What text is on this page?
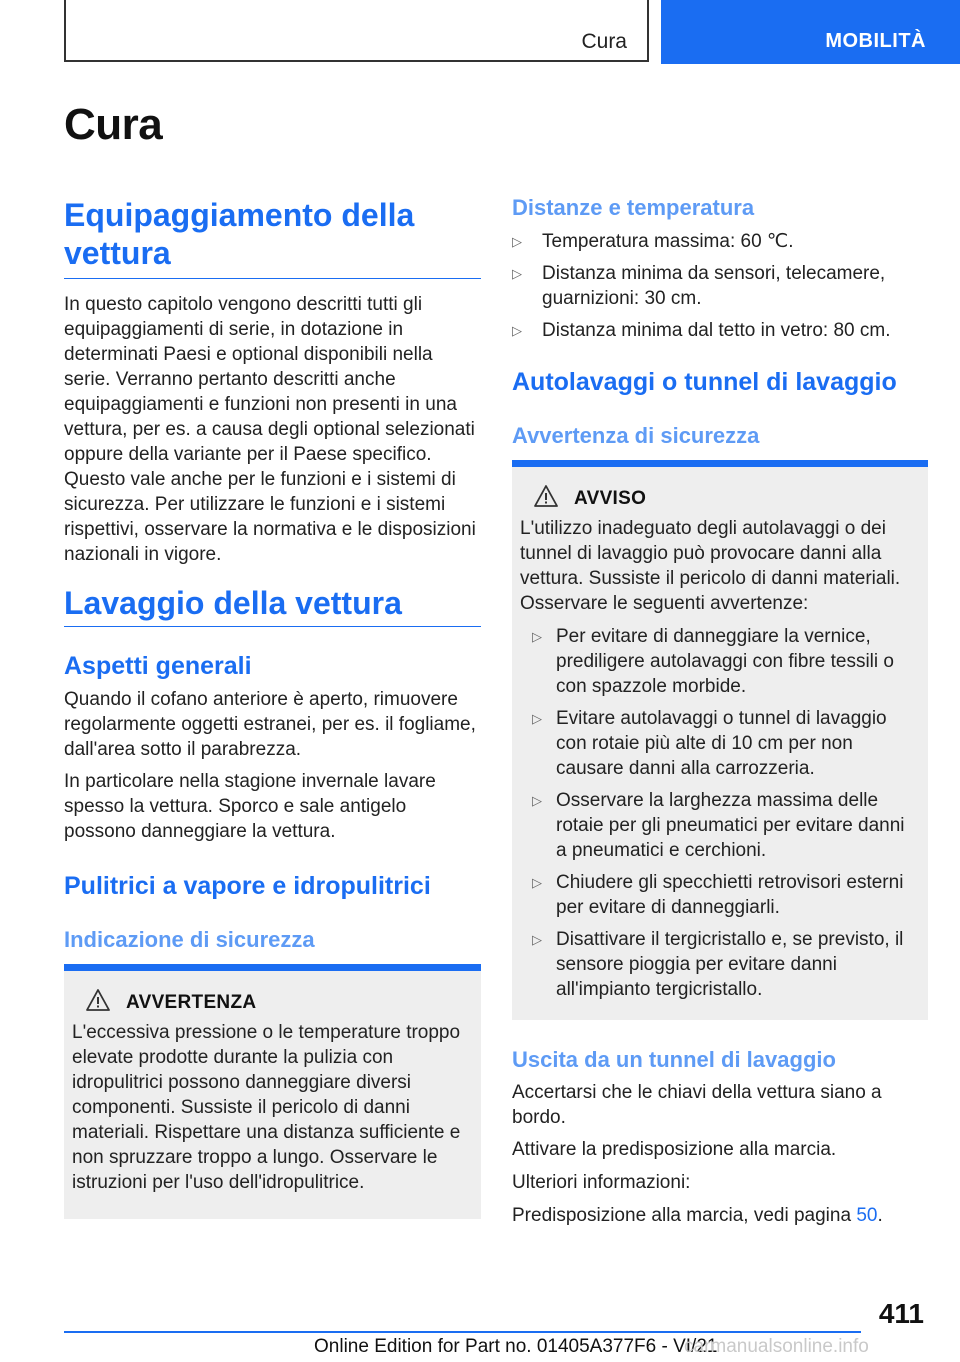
Cura	MOBILITÀ
Cura
Equipaggiamento della vettura

In questo capitolo vengono descritti tutti gli equipaggiamenti di serie, in dotazione in determinati Paesi e optional disponibili nella serie. Verranno pertanto descritti anche equipaggiamenti e funzioni non presenti in una vettura, per es. a causa degli optional selezionati oppure della variante per il Paese specifico. Questo vale anche per le funzioni e i sistemi di sicurezza. Per utilizzare le funzioni e i sistemi rispettivi, osservare la normativa e le disposizioni nazionali in vigore.

Lavaggio della vettura
Aspetti generali

Quando il cofano anteriore è aperto, rimuovere regolarmente oggetti estranei, per es. il fogliame, dall'area sotto il parabrezza.

In particolare nella stagione invernale lavare spesso la vettura. Sporco e sale antigelo possono danneggiare la vettura.

Pulitrici a vapore e idropulitrici
Indicazione di sicurezza
AVVERTENZA

L'eccessiva pressione o le temperature troppo elevate prodotte durante la pulizia con idropulitrici possono danneggiare diversi componenti. Sussiste il pericolo di danni materiali. Rispettare una distanza sufficiente e non spruzzare troppo a lungo. Osservare le istruzioni per l'uso dell'idropulitrice.

Distanze e temperatura
▷ Temperatura massima: 60 ℃.
▷ Distanza minima da sensori, telecamere, guarnizioni: 30 cm.
▷ Distanza minima dal tetto in vetro: 80 cm.
Autolavaggi o tunnel di lavaggio
Avvertenza di sicurezza
AVVISO

L'utilizzo inadeguato degli autolavaggi o dei tunnel di lavaggio può provocare danni alla vettura. Sussiste il pericolo di danni materiali. Osservare le seguenti avvertenze:

▷ Per evitare di danneggiare la vernice, prediligere autolavaggi con fibre tessili o con spazzole morbide.
▷ Evitare autolavaggi o tunnel di lavaggio con rotaie più alte di 10 cm per non causare danni alla carrozzeria.
▷ Osservare la larghezza massima delle rotaie per gli pneumatici per evitare danni a pneumatici e cerchioni.
▷ Chiudere gli specchietti retrovisori esterni per evitare di danneggiarli.
▷ Disattivare il tergicristallo e, se previsto, il sensore pioggia per evitare danni all'impianto tergicristallo.
Uscita da un tunnel di lavaggio

Accertarsi che le chiavi della vettura siano a bordo.

Attivare la predisposizione alla marcia.

Ulteriori informazioni:

Predisposizione alla marcia, vedi pagina 50.

411
Online Edition for Part no. 01405A377F6 - VI/21
carmanualsonline.info
